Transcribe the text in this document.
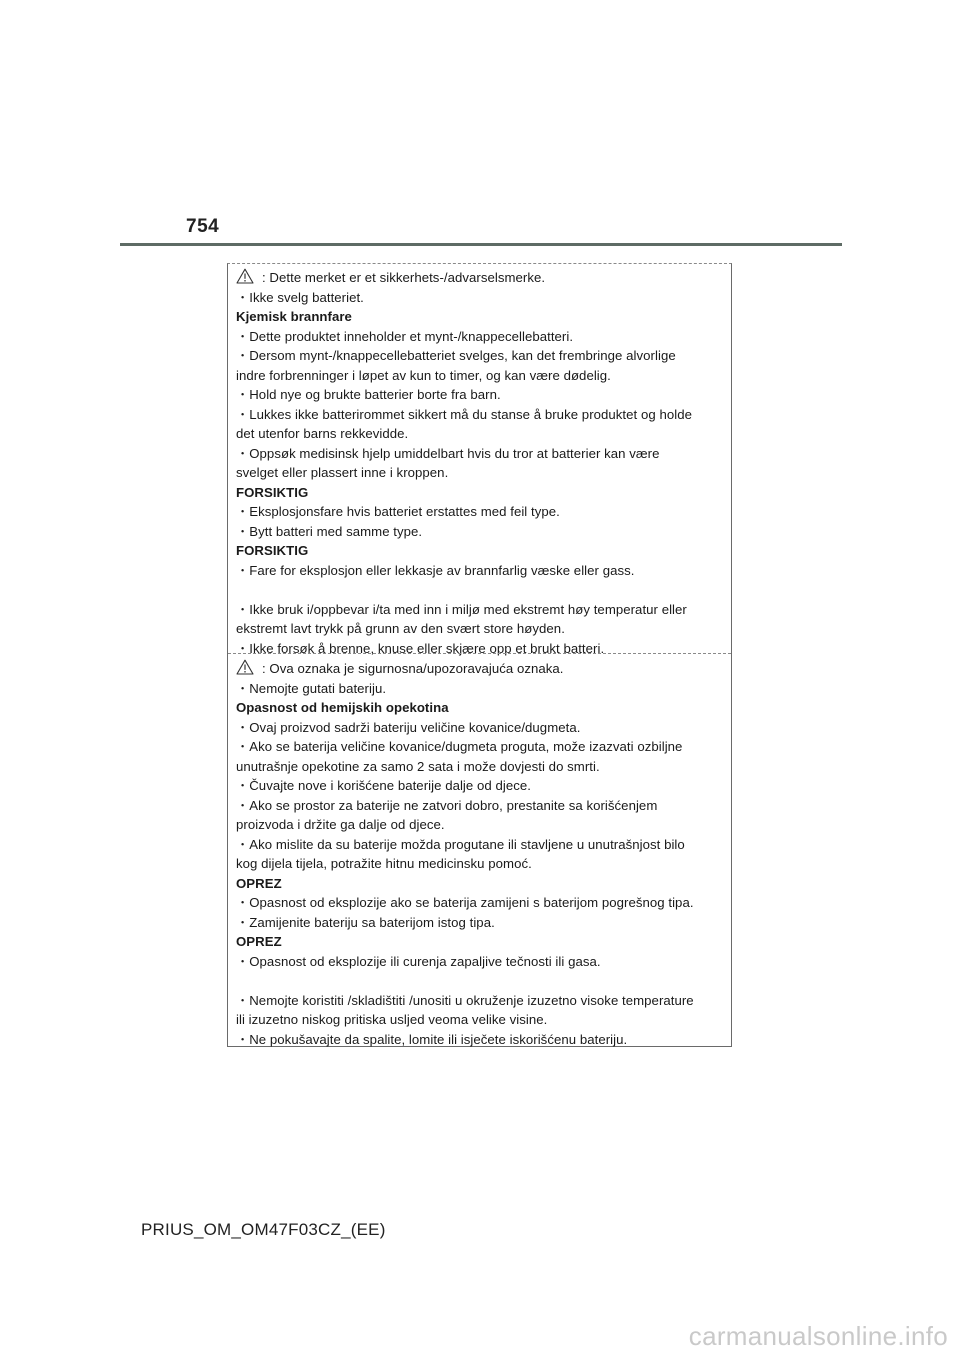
754
: Dette merket er et sikkerhets-/advarselsmerke.
・Ikke svelg batteriet.
Kjemisk brannfare
・Dette produktet inneholder et mynt-/knappecellebatteri.
・Dersom mynt-/knappecellebatteriet svelges, kan det frembringe alvorlige
indre forbrenninger i løpet av kun to timer, og kan være dødelig.
・Hold nye og brukte batterier borte fra barn.
・Lukkes ikke batterirommet sikkert må du stanse å bruke produktet og holde
det utenfor barns rekkevidde.
・Oppsøk medisinsk hjelp umiddelbart hvis du tror at batterier kan være
svelget eller plassert inne i kroppen.
FORSIKTIG
・Eksplosjonsfare hvis batteriet erstattes med feil type.
・Bytt batteri med samme type.
FORSIKTIG
・Fare for eksplosjon eller lekkasje av brannfarlig væske eller gass.
・Ikke bruk i/oppbevar i/ta med inn i miljø med ekstremt høy temperatur eller
ekstremt lavt trykk på grunn av den svært store høyden.
・Ikke forsøk å brenne, knuse eller skjære opp et brukt batteri.
: Ova oznaka je sigurnosna/upozoravajuća oznaka.
・Nemojte gutati bateriju.
Opasnost od hemijskih opekotina
・Ovaj proizvod sadrži bateriju veličine kovanice/dugmeta.
・Ako se baterija veličine kovanice/dugmeta proguta, može izazvati ozbiljne
unutrašnje opekotine za samo 2 sata i može dovjesti do smrti.
・Čuvajte nove i korišćene baterije dalje od djece.
・Ako se prostor za baterije ne zatvori dobro, prestanite sa korišćenjem
proizvoda i držite ga dalje od djece.
・Ako mislite da su baterije možda progutane ili stavljene u unutrašnjost bilo
kog dijela tijela, potražite hitnu medicinsku pomoć.
OPREZ
・Opasnost od eksplozije ako se baterija zamijeni s baterijom pogrešnog tipa.
・Zamijenite bateriju sa baterijom istog tipa.
OPREZ
・Opasnost od eksplozije ili curenja zapaljive tečnosti ili gasa.
・Nemojte koristiti /skladištiti /unositi u okruženje izuzetno visoke temperature
ili izuzetno niskog pritiska usljed veoma velike visine.
・Ne pokušavajte da spalite, lomite ili isječete iskorišćenu bateriju.
PRIUS_OM_OM47F03CZ_(EE)
carmanualsonline.info
